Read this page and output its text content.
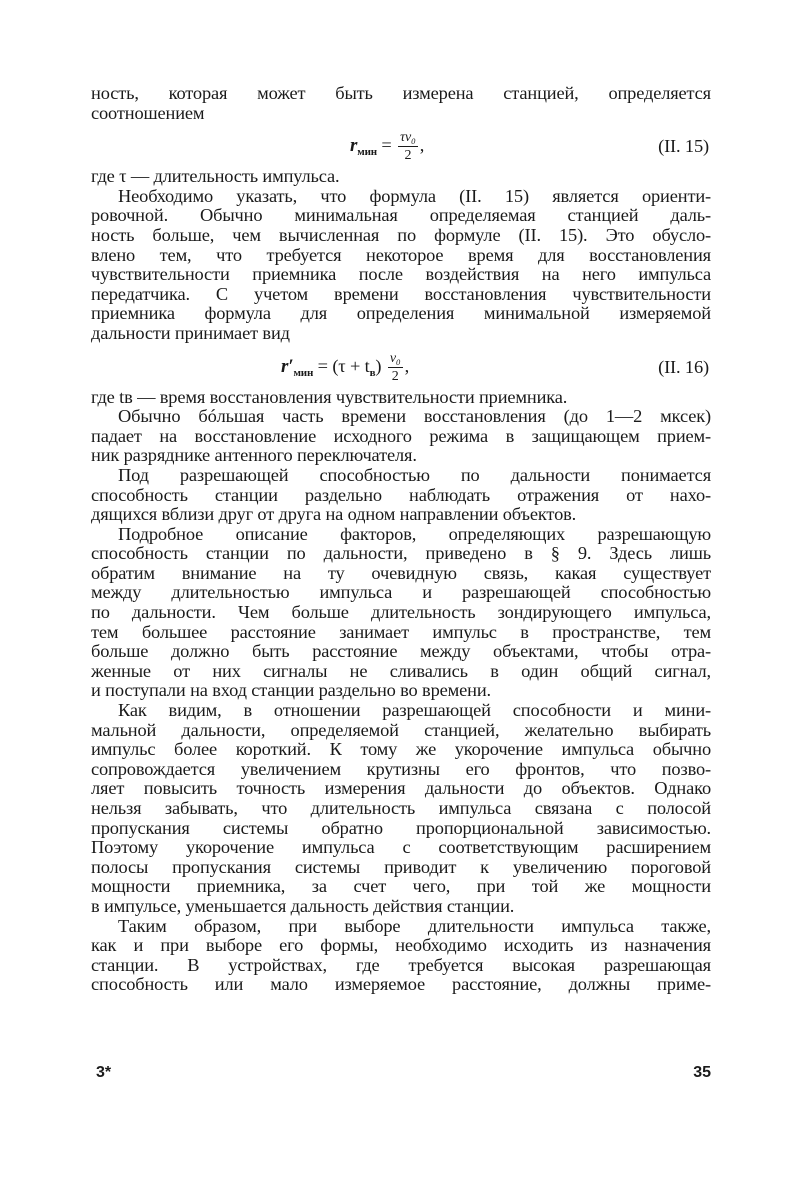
ность, которая может быть измерена станцией, определяется
соотношением
$r_{мин} = \frac{\text{τv₀}}{2}$ ,	(II. 15)
где τ — длительность импульса.
Необходимо указать, что формула (II. 15) является ориенти-
ровочной. Обычно минимальная определяемая станцией даль-
ность больше, чем вычисленная по формуле (II. 15). Это обусло-
влено тем, что требуется некоторое время для восстановления
чувствительности приемника после воздействия на него импульса
передатчика. С учетом времени восстановления чувствительности
приемника формула для определения минимальной измеряемой
дальности принимает вид
$r'_{мин} = (\tau + t_в) \frac{\text{v₀}}{2}$ ,	(II. 16)
где tв — время восстановления чувствительности приемника.
Обычно бóльшая часть времени восстановления (до 1—2 мксек)
падает на восстановление исходного режима в защищающем прием-
ник разряднике антенного переключателя.
Под разрешающей способностью по дальности понимается
способность станции раздельно наблюдать отражения от нахо-
дящихся вблизи друг от друга на одном направлении объектов.
Подробное описание факторов, определяющих разрешающую
способность станции по дальности, приведено в § 9. Здесь лишь
обратим внимание на ту очевидную связь, какая существует
между длительностью импульса и разрешающей способностью
по дальности. Чем больше длительность зондирующего импульса,
тем большее расстояние занимает импульс в пространстве, тем
больше должно быть расстояние между объектами, чтобы отра-
женные от них сигналы не сливались в один общий сигнал,
и поступали на вход станции раздельно во времени.
Как видим, в отношении разрешающей способности и мини-
мальной дальности, определяемой станцией, желательно выбирать
импульс более короткий. К тому же укорочение импульса обычно
сопровождается увеличением крутизны его фронтов, что позво-
ляет повысить точность измерения дальности до объектов. Однако
нельзя забывать, что длительность импульса связана с полосой
пропускания системы обратно пропорциональной зависимостью.
Поэтому укорочение импульса с соответствующим расширением
полосы пропускания системы приводит к увеличению пороговой
мощности приемника, за счет чего, при той же мощности
в импульсе, уменьшается дальность действия станции.
Таким образом, при выборе длительности импульса также,
как и при выборе его формы, необходимо исходить из назначения
станции. В устройствах, где требуется высокая разрешающая
способность или мало измеряемое расстояние, должны приме-
3*	35
